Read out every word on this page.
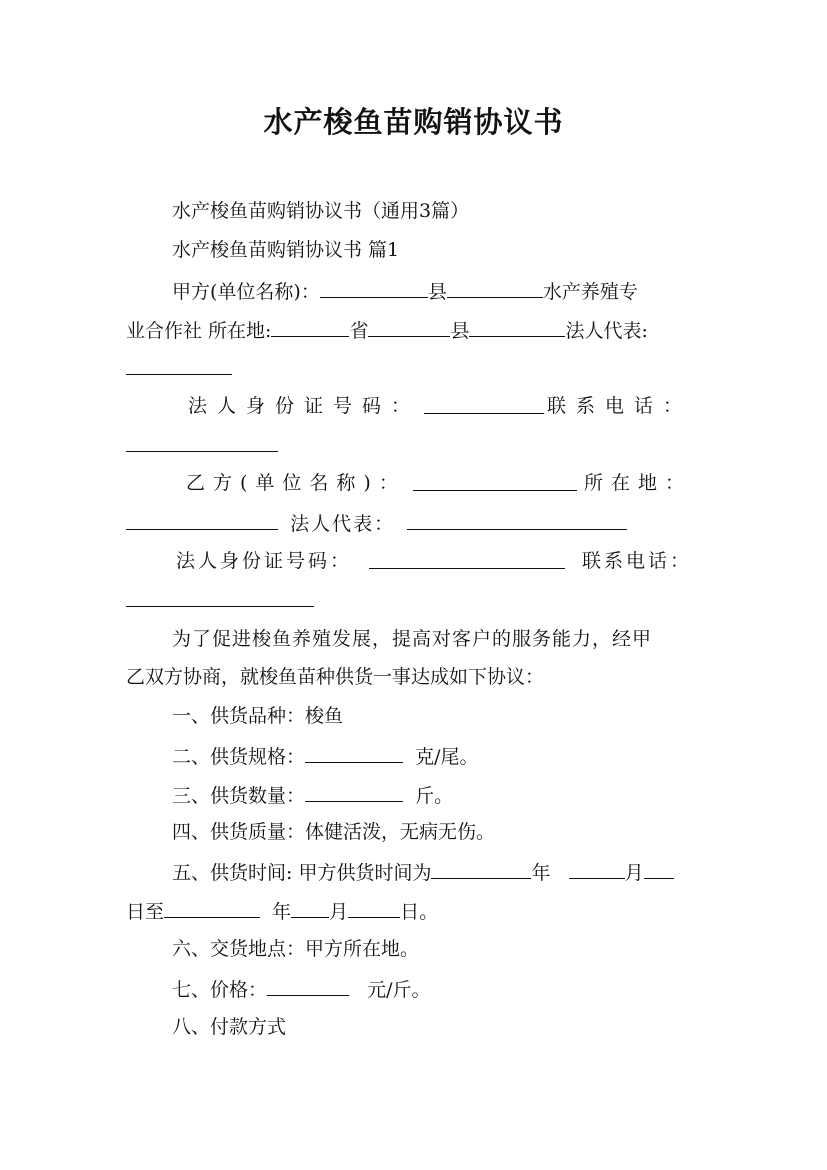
水产梭鱼苗购销协议书
水产梭鱼苗购销协议书（通用3篇）
水产梭鱼苗购销协议书 篇1
甲方(单位名称)：	县	水产养殖专
业合作社 所在地:	省	县	法人代表:
法人身份证号码：	联系电话：
乙方(单位名称)：	所在地：
法人代表：
法人身份证号码：	联系电话：
为了促进梭鱼养殖发展，提高对客户的服务能力，经甲
乙双方协商，就梭鱼苗种供货一事达成如下协议：
一、供货品种：梭鱼
二、供货规格：	克/尾。
三、供货数量：	斤。
四、供货质量：体健活泼，无病无伤。
五、供货时间: 甲方供货时间为	年	月
日至	年 月	日。
六、交货地点：甲方所在地。
七、价格：	元/斤。
八、付款方式
